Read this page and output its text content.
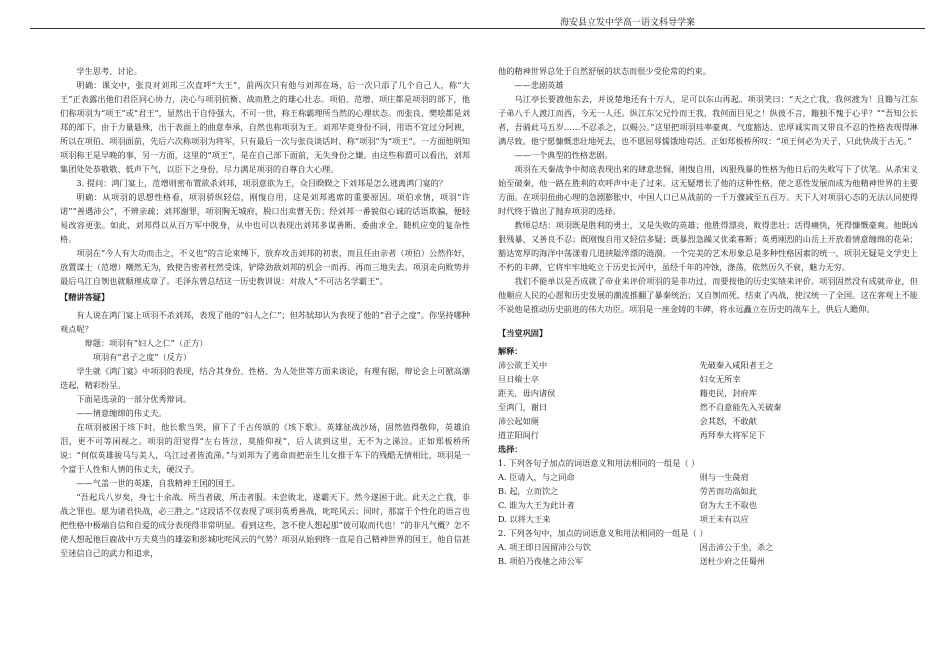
海安县立发中学高一语文科导学案

学生思考、讨论。

明确：课文中，张良对刘邦三次直呼“大王”，前两次只有他与刘邦在场，后一次只添了几个自己人，称“大王”正表露出他们君臣同心协力，决心与项羽抗衡、战而胜之的雄心壮志。项伯、范增、项庄都是项羽的部下，他们称项羽为“项王”或“君王”，显然出于自恃强大，不可一世，称王称霸理所当然的心理状态。而张良、樊哙都是刘邦的部下，由于力量悬殊，出于表面上的曲意奉承，自然也称项羽为王。刘邦毕竟身份不同，用语不宜过分阿谀，所以在项伯、项羽面前，先后六次称项羽为将军，只有最后一次与张良谈话时，称“项羽”为“项王”。一方面他明知项羽称王是早晚的事，另一方面，这里的“项王”，是在自己部下面前，无失身份之嫌。由这些称谓可以看出，刘邦集团处处恭敬敬、低声下气，以臣下之身份，尽力满足项羽的自尊自大心理。

3. 提问：鸿门宴上，范增则密布置欲杀刘邦，项羽意欲为王，众目睽睽之下刘邦是怎么逃离鸿门宴的？

明确：从项羽的思想性格看，项羽骄纵轻信，刚愎自用，这是刘邦逃席的重要原因。项伯求情，项羽“许诺”“善遇沛公”，不辨亲疏；刘邦谢罪，项羽胸无城府，脱口出卖曹无伤；经刘邦一番貌似心诚的话语欺骗，便轻易改容更张。如此，刘邦得以从百万军中脱身，从中也可以表现出刘邦多谋善断、委曲求全、随机应变的复杂性格。

项羽在“今人有大功而击之，不义也”的言论束缚下，放弃攻击刘邦的初衷，而且任由亲者（项伯）公然作好，放置谋士（范增）嘲然无为，致使告密者枉然受诛，铲除劲敌刘邦的机会一而再、再而三地失去。项羽走向败势并最后乌江自刎也就顺理成章了。毛泽东曾总结这一历史教训说：对敌人“不可沽名学霸王”。

【精讲答疑】

有人说在鸿门宴上项羽不杀刘邦，表现了他的“妇人之仁”；但苏轼却认为表现了他的“君子之度”。你坚持哪种观点呢？

辩题：项羽有“妇人之仁”（正方）

项羽有“君子之度”（反方）

学生就《鸿门宴》中项羽的表现，结合其身份、性格、为人处世等方面来谈论，有理有据，辩论会上可掀高潮迭起，精彩纷呈。

下面是选录的一部分优秀辩词。

——情意缠绵的伟丈夫。

在项羽被困于垓下时，他长歌当哭，留下了千古传颂的《垓下歌》。英雄征战沙场，固然值得敬仰，英雄泊泪，更不可等闲视之。项羽的泪觉得“左右皆泣，莫能仰视”，后人读到这里，无不为之涕泣。正如郑板桥所说：“何似英雄骏马与美人，乌江过者皆流涕。”与刘邦为了逃命而把亲生儿女推于车下的残酷无情相比，项羽是一个富于人性和人情的伟丈夫，硬汉子。

——气盖一世的英雄，自我精神王国的国王。

“吾起兵八岁矣，身七十余战。所当者破，所击者服。未尝败北，遂霸天下。然今遂困于此。此天之亡我，非战之罪也。愿为诸君快战，必三胜之。”这段话不仅表现了项羽英勇善战，叱咤风云；同时，那富于个性化的语言也把性格中极端自信和自爱的成分表现得非常明显。看到这些，忽不使人想起那“彼可取而代也！”的非凡气概？怎不使人想起他巨鹿战中万夫莫当的雄姿和彭城叱咤风云的气势？项羽从始到终一直是自己精神世界的国王，他自信甚至迷信自己的武力和追求，

他的精神世界总处于自然舒展的状态而很少受伦常的约束。

——悲剧英雄

乌江亭长要渡他东去，并说楚地还有十万人，足可以东山再起。项羽笑曰：“天之亡我，我何渡为！且籍与江东子弟八千人渡江而西，今无一人还。纵江东父兄怜而王我，我何面目见之！纵彼不言，籍独不愧于心乎？”“吾知公长者，吾骑此马五岁……不忍杀之，以赐公。”这里把项羽珪率豪爽、气度豁达、忠厚诚实而又带良不忍的性格表现得淋漓尽致。他宁愿慷慨悲壮地死去，也不愿屈辱懦饿地苟活。正如郑板桥所叹：“项王何必为天子，只此快战于古无。”

——一个典型的性格悲剧。

项羽在天秦战争中彻底表现出来的肆意悲悯，刚愎自用，凶狠残暴的性格为他日后的失败写下了伏笔。从杀宋义始至破秦，他一路在胜利的欢呼声中走了过来。这无疑增长了他的这种性格，使之恶性发展而成为他精神世界的主要方面。在项羽扭曲心理的急剧膨胀中，中国人口已从战前的一千万骤减至五百万。天下人对项羽心态的无法认同使得时代终于做出了抛弃项羽的选择。

教师总结：项羽既是胜利的勇士，又是失败的英雄；他胜得漂亮，败得悲壮；活得痛快，死得慷慨豪爽。他既凶狠残暴，又善良不忍；既刚愎自用又轻信多疑；既暴烈急躁又优柔寡断；英勇刚烈的山岳上开放着情意缠绵的花朵；豁达宽厚的海洋中荡漾着几道挟隘淬漂的涟漪。一个完美的艺术形象总是多种性格因素的统一，项羽无疑是文学史上不朽的丰碑，它将牢牢地屹立于历史长河中，虽经千年的冲蚀，涤荡，依然历久不衰，魅力无穷。

我们不能单以是否成就了帝业来评价项羽的是非功过，而要按他的历史实绩来评价。项羽固然没有成就帝业，但他顺应人民的心愿和历史发展的潮流推翻了暴秦统治；又自刎而死，结束了内战，使汉统一了全国。这在客观上不能不说他是推动历史前进的伟大功臣。项羽是一座金铸的丰碑，将永远矗立在历史的战车上，供后人瞻仰。

【当堂巩固】

解释：

沛公欲王关中	先破秦入咸阳者王之
旦日飨士卒	妇女无所幸
距关，毋内诸侯	籍吏民，封府库
至鸿门，谢曰	然不自意能先入关破秦
沛公起如厕	会其怒，不敢献
道芷阳间行	再拜奉大将军足下

选择：

1. 下列各句子加点的词语意义和用法相同的一组是（ ）

A. 臣请入，与之同命	则与一生彘肩
B. 起，立而饮之	劳苦而功高如此
C. 谁为大王为此计者	窃为大王不取也
D. 以将大王来	项王未有以应

2. 下列各句中，加点的词语意义和用法相同的一组是（ ）

A. 项王即日因留沛公与饮	因击沛公于坐，杀之
B. 项伯乃夜驰之沛公军	送杜少府之任蜀州
